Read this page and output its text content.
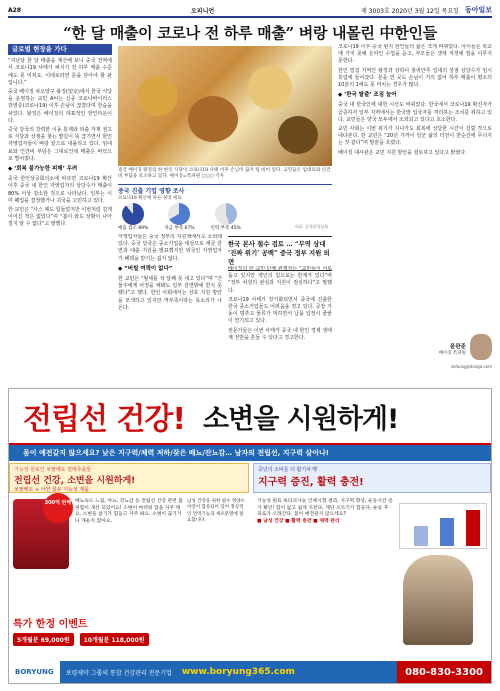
A28	오피니언	제 3003호 2020년 3월 12일 목요일 동아일보
“한 달 매출이 코로나 전 하루 매출” 벼랑 내몰린 中한인들
글로벌 현장을 가다

“지난달 한 달 매출을 계산해 보니 중국 전역에서 코로나19 사태가 퍼지기 전 하루 매출 수준에도 못 미쳐요. 이대로라면 문을 닫아야 할 판입니다.”

중국 베이징 차오양구 왕징(望京)에서 한국 식당을 운영하는 교민 A씨는 신종 코로나바이러스 감염증(코로나19) 이후 손님이 끊겼다며 한숨을 쉬었다. 왕징은 베이징의 대표적인 한인타운이다.

중국 당국의 강력한 이동 통제와 외출 자제 권고로 식당과 상점을 찾는 발길이 뚝 끊기면서 한인 자영업자들이 벼랑 끝으로 내몰리고 있다. 임대료와 인건비 부담은 그대로인데 매출은 바닥으로 떨어졌다.

◆ ‘회복 불가능한 피해’ 우려

중국 한인상공회의소에 따르면 코로나19 확산 이후 중국 내 한인 자영업자의 상당수가 매출이 80% 이상 감소한 것으로 나타났다. 일부는 이미 폐업을 결정했거나 귀국을 고민하고 있다.

한 교민은 “사스 때도 힘들었지만 이번처럼 길게 이어진 적은 없었다”며 “봄이 와도 상황이 나아질지 알 수 없다”고 말했다.

중국 베이징 왕징의 한 한인 식당이 코로나19 사태 이후 손님이 끊겨 텅 비어 있다. 교민들은 임대료와 인건비 부담을 호소하고 있다. 베이징=특파원 ○○○ 기자
중국 진출 기업 영향 조사
코로나19 확산에 따른 경영 애로
매출 감소 89%	자금 부족 67%	인력 부족 45%	자료: 중국한국상회

자영업자들은 중국 정부의 지원책에서도 소외돼 있다. 중국 당국은 중소기업을 대상으로 세금 감면과 대출 지원을 발표했지만 외국인 자영업자가 혜택을 받기는 쉽지 않다.

◆ “버틸 여력이 없다”

한 교민은 “월세를 석 달째 못 내고 있다”며 “건물주에게 사정을 해봐도 일부 감면밖에 받지 못했다”고 했다. 한인 사회에서는 상호 지원 방안을 모색하고 있지만 역부족이라는 목소리가 나온다.

한국 본사 철수 검토 … “무역 상대 ‘진짜 위기’ 공백” 중국 정부 지원 외면

베이징의 한 교민 단체 관계자는 “교민들이 서로 돕고 있지만 개인의 힘으로는 한계가 있다”며 “정부 차원의 관심과 지원이 절실하다”고 말했다.

코로나19 사태가 장기화되면서 중국에 진출한 한국 중소기업들도 어려움을 겪고 있다. 공장 가동이 멈추고 물류가 막히면서 납품 일정이 줄줄이 연기되고 있다.

전문가들은 이번 사태가 중국 내 한인 경제 생태계 전반을 흔들 수 있다고 경고한다.

코로나19 이후 중국 현지 한인들의 삶은 크게 바뀌었다. 아이들은 학교에 가지 못해 온라인 수업을 듣고, 부모들은 생계 걱정에 잠을 이루지 못한다.

한인 밀집 지역인 왕징과 상하이 훙취안루 일대의 상점 상당수가 임시 휴업에 들어갔다. 문을 연 곳도 손님이 거의 없어 하루 매출이 평소의 10분의 1에도 못 미치는 경우가 많다.

◆ ‘한국 탈출’ 조짐 늘어

중국 내 한국인에 대한 시선도 바뀌었다. 한국에서 코로나19 확진자가 급증하자 일부 지역에서는 한국발 입국자를 격리하는 조치를 취하고 있다. 교민들은 양국 모두에서 소외되고 있다고 호소한다.

교민 사회는 이번 위기가 지나가도 회복에 상당한 시간이 걸릴 것으로 내다본다. 한 교민은 “20년 가까이 일군 삶의 터전이 한순간에 무너지는 것 같다”며 말끝을 흐렸다.

베이징 대사관은 교민 지원 방안을 검토하고 있다고 밝혔다.

윤완준
베이징 특파원
zeitung@donga.com
전립선 건강! 소변을 시원하게!
몸이 예전같지 않으세요? 낮은 지구력/체력 저하/잦은 배뇨/잔뇨감… 남자의 전립선, 지구력 살아나!
기능성 원료인 쏘팔메토 열매추출물
전립선 건강, 소변을 시원하게!
쏘팔메토 + 아연 함유 기능성 제품
300억 판매 배뇨속도 느림, 야뇨, 잔뇨감 등 전립선 건강 관련 불편함이 개선 되었어요! 소변이 마려워 잠을 자주 깨요. 소변을 참기가 힘들고 자주 봐요. 소변이 끊기거나 개운치 않아요.
남성 건강을 위한 필수 영양소 아연이 함유되어 있어 정상적인 면역기능과 세포분열에 필요합니다.
특가 한정 이벤트
5개월분 69,000원	10개월분 118,000원
중년의 소비를 더 활기차게!
지구력 증진, 활력 충전!
기능성 원료 옥타코사놀 인체시험 결과, 지구력 향상, 운동시간 증가 확인! 힘이 없고 쉽게 지친다, 계단 오르기가 힘들다, 운동 후 피로가 오래간다. 몸이 예전같지 않으세요?
■ 남성 건강 ■ 활력 충전 ■ 체력 관리
BORYUNG	보령제약 그룹의 통합 건강관리 전문기업 www.boryung365.com	080-830-3300
